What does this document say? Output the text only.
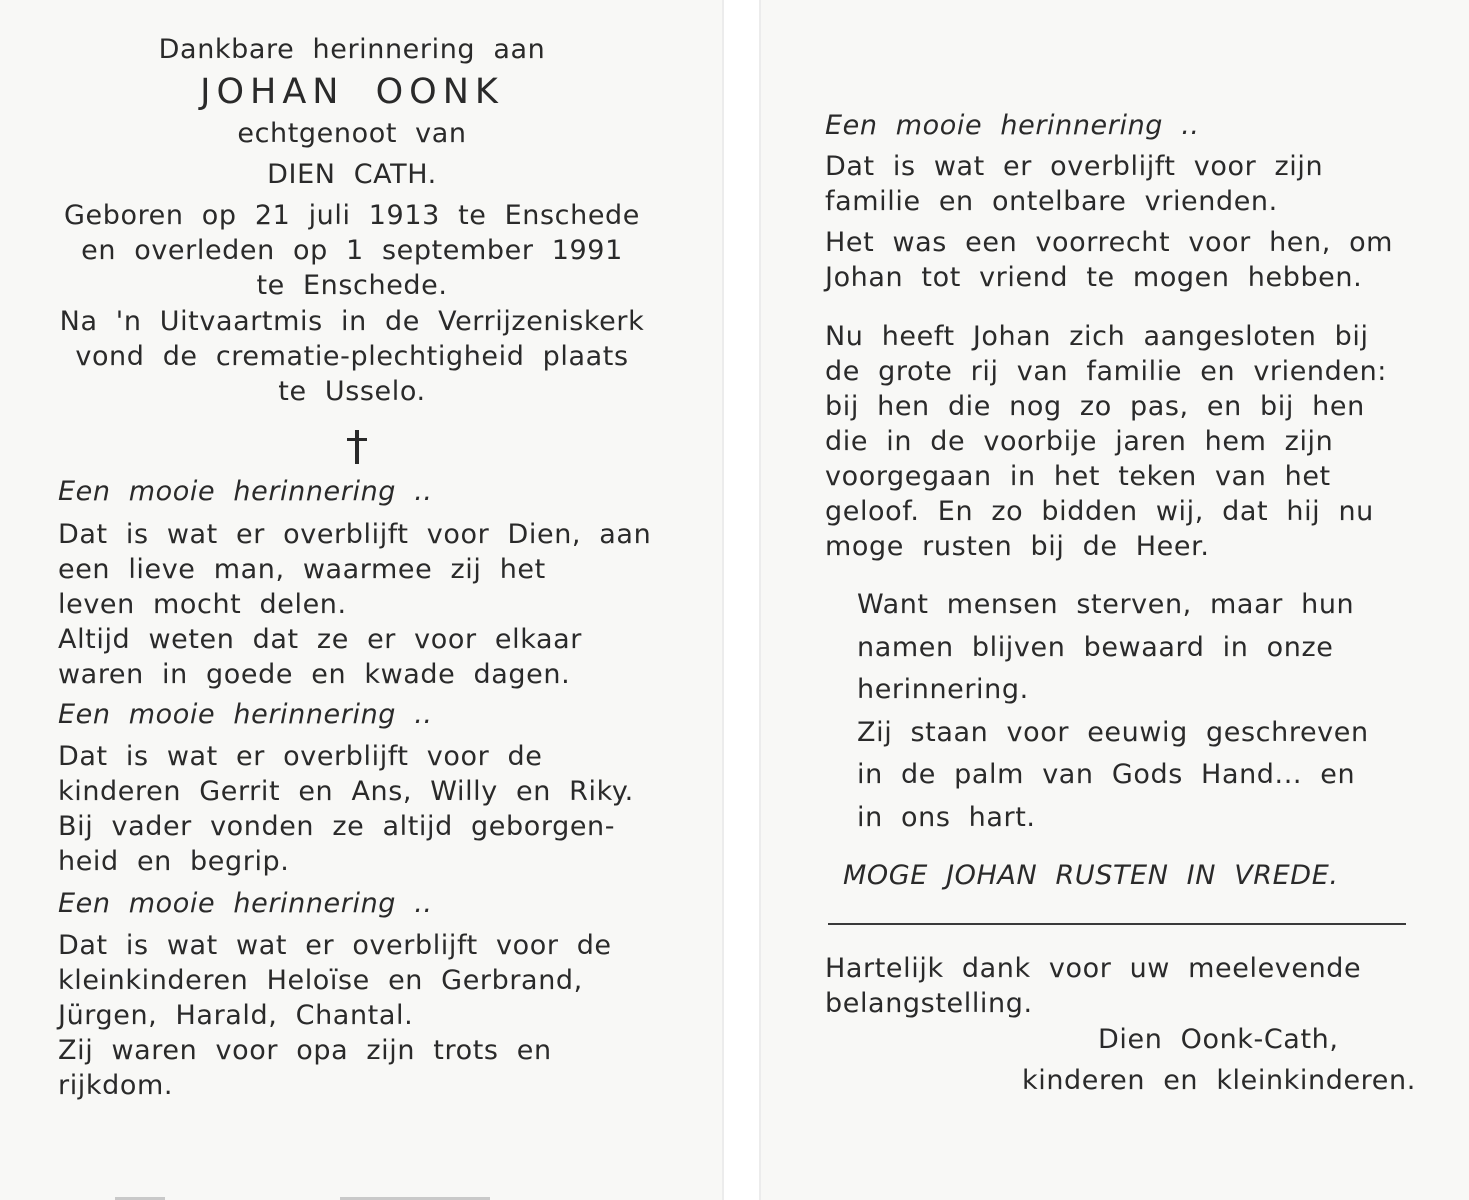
Dankbare herinnering aan
JOHAN OONK
echtgenoot van
DIEN CATH.
Geboren op 21 juli 1913 te Enschede
en overleden op 1 september 1991
te Enschede.
Na 'n Uitvaartmis in de Verrijzeniskerk
vond de crematie-plechtigheid plaats
te Usselo.
Een mooie herinnering ..
Dat is wat er overblijft voor Dien, aan
een lieve man, waarmee zij het
leven mocht delen.
Altijd weten dat ze er voor elkaar
waren in goede en kwade dagen.
Een mooie herinnering ..
Dat is wat er overblijft voor de
kinderen Gerrit en Ans, Willy en Riky.
Bij vader vonden ze altijd geborgen-
heid en begrip.
Een mooie herinnering ..
Dat is wat wat er overblijft voor de
kleinkinderen Heloïse en Gerbrand,
Jürgen, Harald, Chantal.
Zij waren voor opa zijn trots en
rijkdom.
Een mooie herinnering ..
Dat is wat er overblijft voor zijn
familie en ontelbare vrienden.
Het was een voorrecht voor hen, om
Johan tot vriend te mogen hebben.
Nu heeft Johan zich aangesloten bij
de grote rij van familie en vrienden:
bij hen die nog zo pas, en bij hen
die in de voorbije jaren hem zijn
voorgegaan in het teken van het
geloof. En zo bidden wij, dat hij nu
moge rusten bij de Heer.
Want mensen sterven, maar hun
namen blijven bewaard in onze
herinnering.
Zij staan voor eeuwig geschreven
in de palm van Gods Hand... en
in ons hart.
MOGE JOHAN RUSTEN IN VREDE.
Hartelijk dank voor uw meelevende
belangstelling.
Dien Oonk-Cath,
kinderen en kleinkinderen.
